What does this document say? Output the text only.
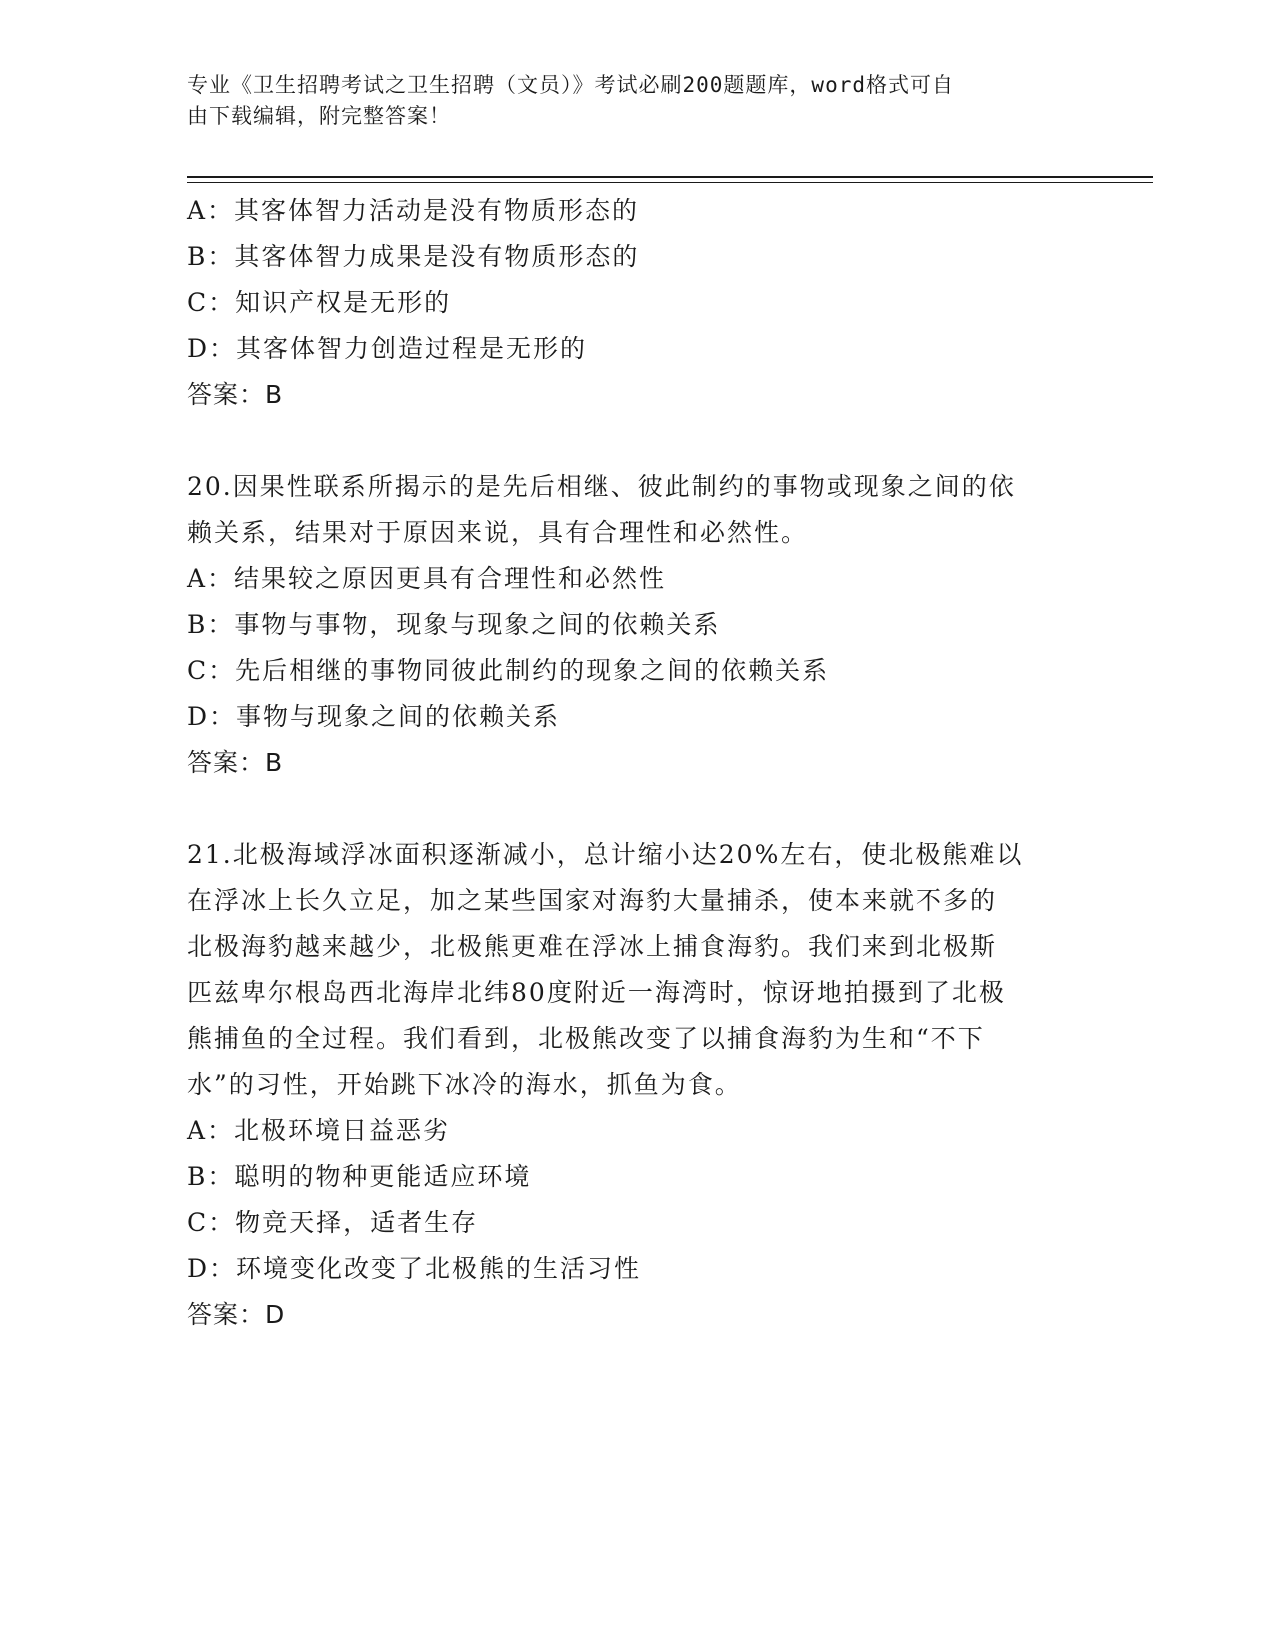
专业《卫生招聘考试之卫生招聘（文员）》考试必刷200题题库，word格式可自
由下载编辑，附完整答案！
A：其客体智力活动是没有物质形态的
B：其客体智力成果是没有物质形态的
C：知识产权是无形的
D：其客体智力创造过程是无形的
答案：B
20.因果性联系所揭示的是先后相继、彼此制约的事物或现象之间的依
赖关系，结果对于原因来说，具有合理性和必然性。
A：结果较之原因更具有合理性和必然性
B：事物与事物，现象与现象之间的依赖关系
C：先后相继的事物同彼此制约的现象之间的依赖关系
D：事物与现象之间的依赖关系
答案：B
21.北极海域浮冰面积逐渐减小，总计缩小达20%左右，使北极熊难以
在浮冰上长久立足，加之某些国家对海豹大量捕杀，使本来就不多的
北极海豹越来越少，北极熊更难在浮冰上捕食海豹。我们来到北极斯
匹兹卑尔根岛西北海岸北纬80度附近一海湾时，惊讶地拍摄到了北极
熊捕鱼的全过程。我们看到，北极熊改变了以捕食海豹为生和“不下
水”的习性，开始跳下冰冷的海水，抓鱼为食。
A：北极环境日益恶劣
B：聪明的物种更能适应环境
C：物竞天择，适者生存
D：环境变化改变了北极熊的生活习性
答案：D
